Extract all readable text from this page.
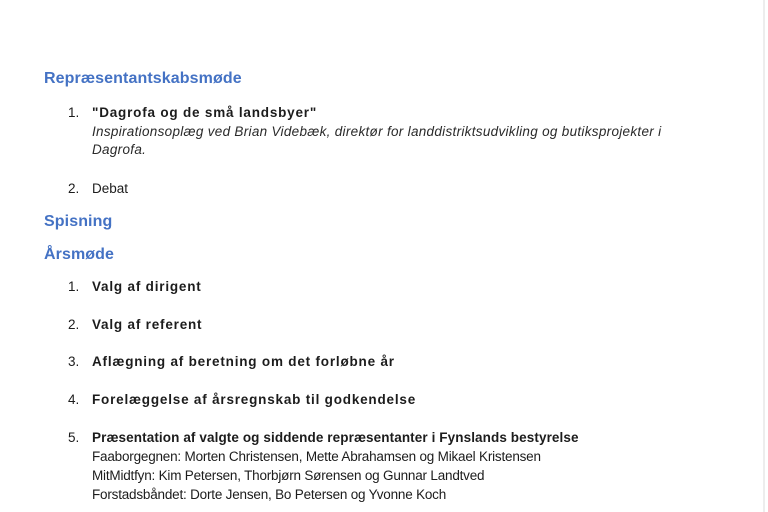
Repræsentantskabsmøde
1. "Dagrofa og de små landsbyer"
Inspirationsoplæg ved Brian Videbæk, direktør for landdistriktsudvikling og butiksprojekter i
Dagrofa.
2. Debat
Spisning
Årsmøde
1. Valg af dirigent
2. Valg af referent
3. Aflægning af beretning om det forløbne år
4. Forelæggelse af årsregnskab til godkendelse
5. Præsentation af valgte og siddende repræsentanter i Fynslands bestyrelse
Faaborgegnen: Morten Christensen, Mette Abrahamsen og Mikael Kristensen
MitMidtfyn: Kim Petersen, Thorbjørn Sørensen og Gunnar Landtved
Forstadsbåndet: Dorte Jensen, Bo Petersen og Yvonne Koch
